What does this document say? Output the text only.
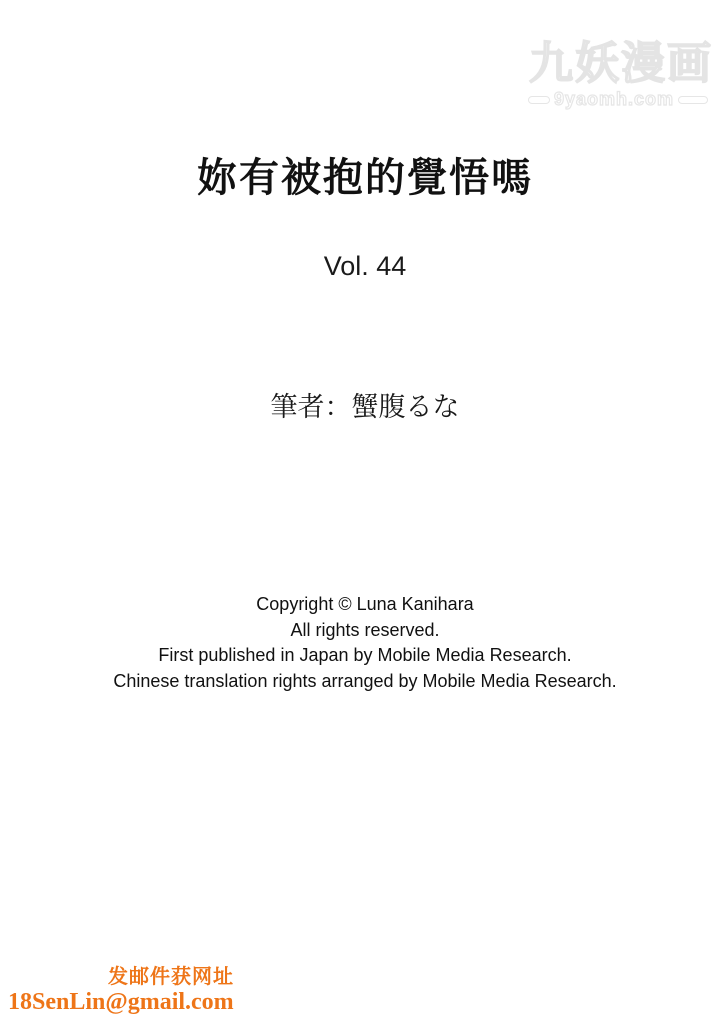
九妖漫画
9yaomh.com
妳有被抱的覺悟嗎
Vol. 44
筆者：蟹腹るな
Copyright © Luna Kanihara
All rights reserved.
First published in Japan by Mobile Media Research.
Chinese translation rights arranged by Mobile Media Research.
发邮件获网址
18SenLin@gmail.com
